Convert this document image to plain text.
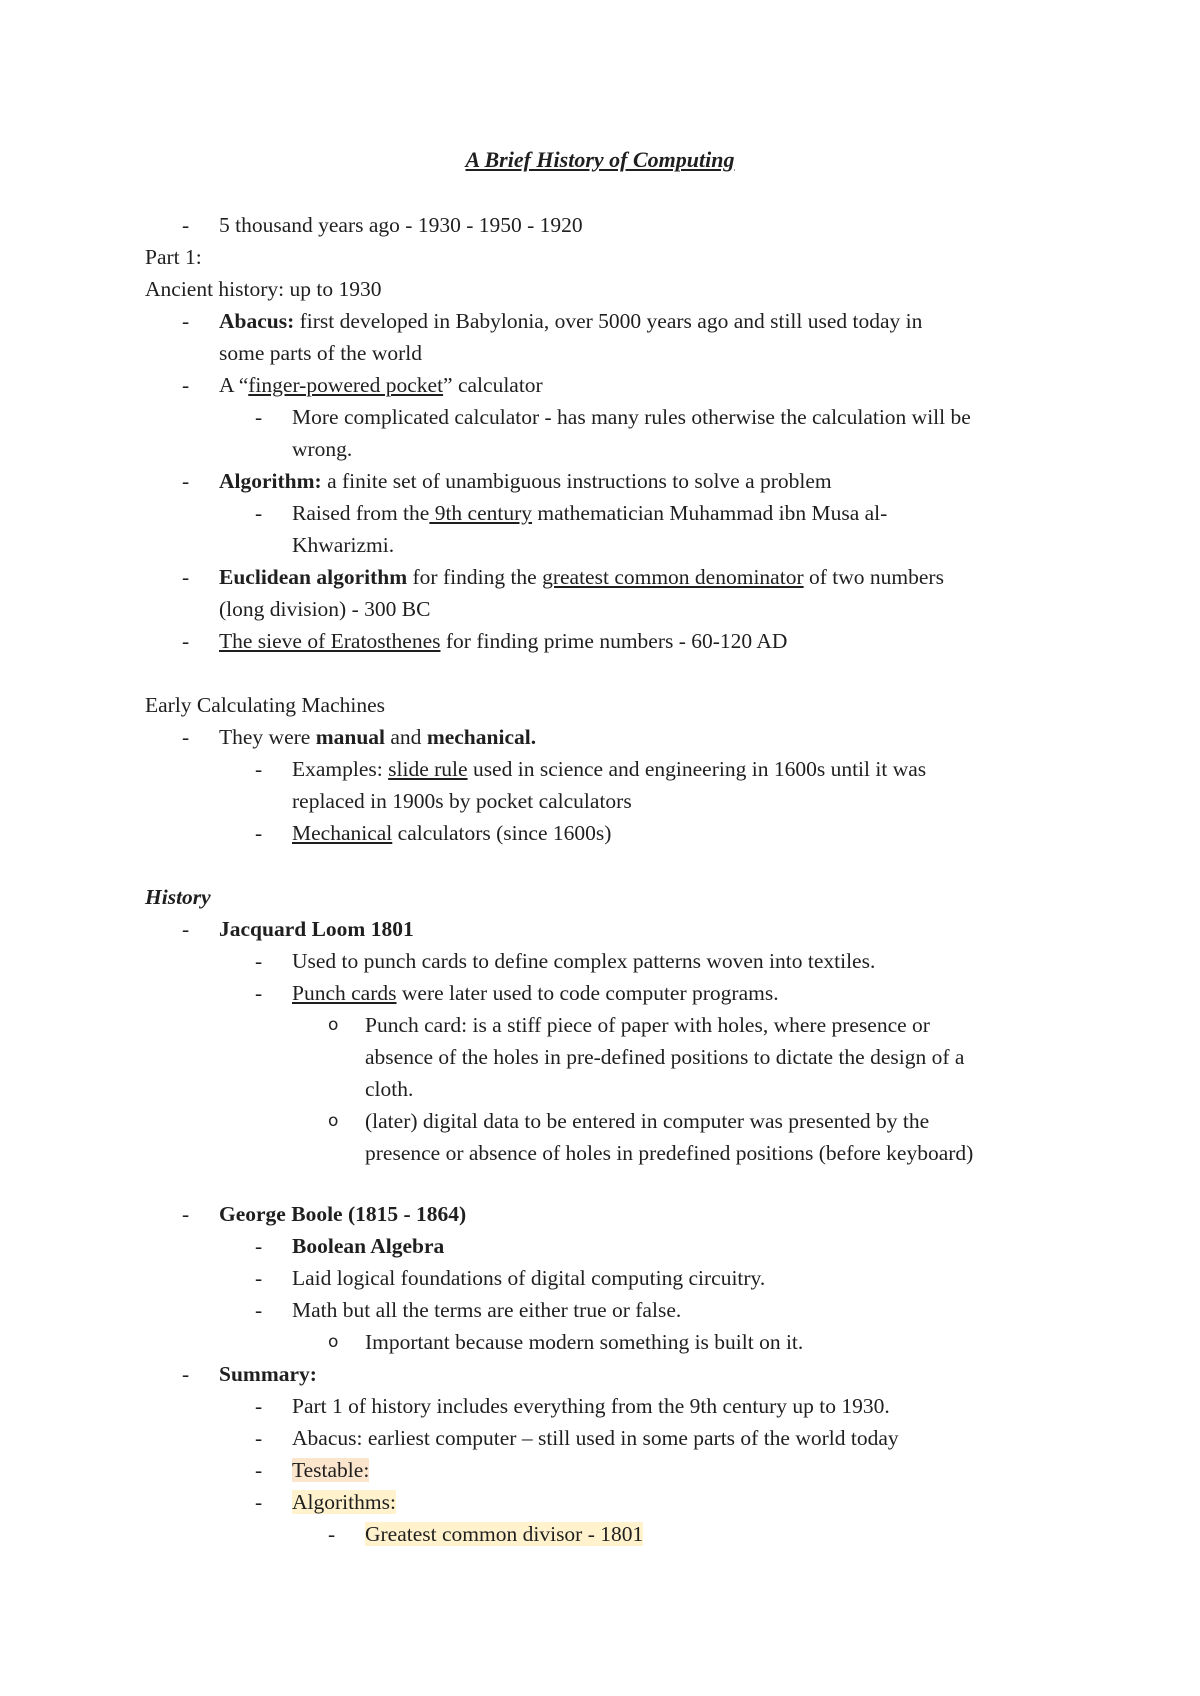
A Brief History of Computing
- 5 thousand years ago - 1930 - 1950 - 1920
Part 1:
Ancient history: up to 1930
- Abacus: first developed in Babylonia, over 5000 years ago and still used today in
some parts of the world
- A “finger-powered pocket” calculator
- More complicated calculator - has many rules otherwise the calculation will be
wrong.
- Algorithm: a finite set of unambiguous instructions to solve a problem
- Raised from the 9th century mathematician Muhammad ibn Musa al-
Khwarizmi.
- Euclidean algorithm for finding the greatest common denominator of two numbers
(long division) - 300 BC
- The sieve of Eratosthenes for finding prime numbers - 60-120 AD
Early Calculating Machines
- They were manual and mechanical.
- Examples: slide rule used in science and engineering in 1600s until it was
replaced in 1900s by pocket calculators
- Mechanical calculators (since 1600s)
History
- Jacquard Loom 1801
- Used to punch cards to define complex patterns woven into textiles.
- Punch cards were later used to code computer programs.
o Punch card: is a stiff piece of paper with holes, where presence or
absence of the holes in pre-defined positions to dictate the design of a
cloth.
o (later) digital data to be entered in computer was presented by the
presence or absence of holes in predefined positions (before keyboard)
- George Boole (1815 - 1864)
- Boolean Algebra
- Laid logical foundations of digital computing circuitry.
- Math but all the terms are either true or false.
o Important because modern something is built on it.
- Summary:
- Part 1 of history includes everything from the 9th century up to 1930.
- Abacus: earliest computer – still used in some parts of the world today
- Testable:
- Algorithms:
- Greatest common divisor - 1801
